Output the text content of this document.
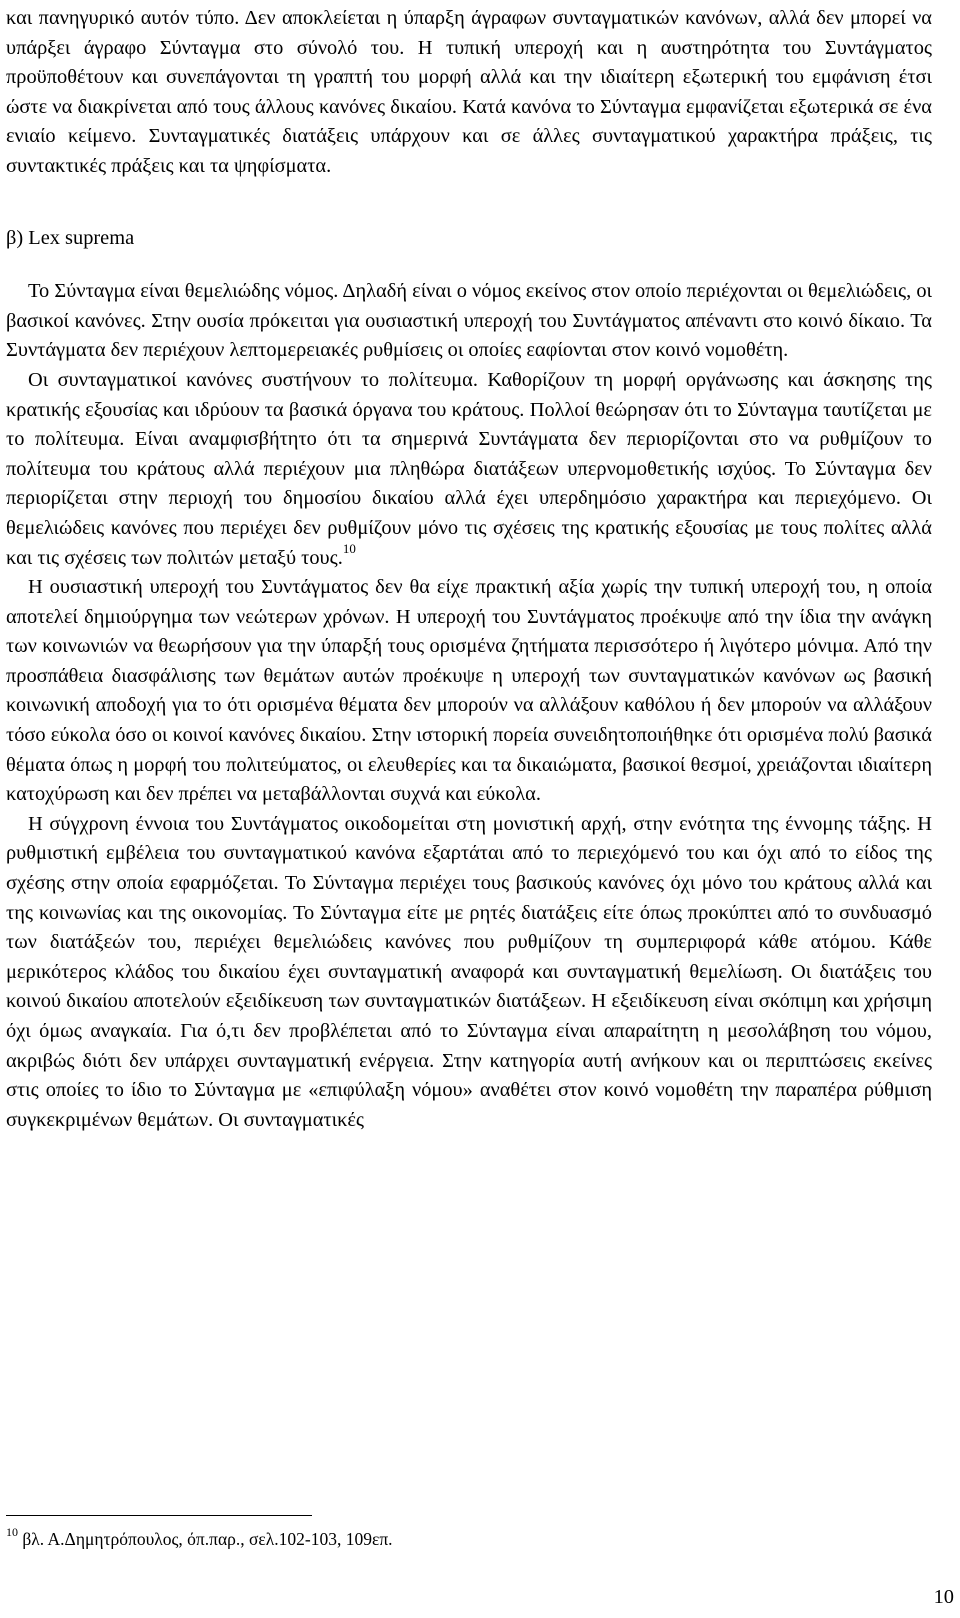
και πανηγυρικό αυτόν τύπο. Δεν αποκλείεται η ύπαρξη άγραφων συνταγματικών κανόνων, αλλά δεν μπορεί να υπάρξει άγραφο Σύνταγμα στο σύνολό του. Η τυπική υπεροχή και η αυστηρότητα του Συντάγματος προϋποθέτουν και συνεπάγονται τη γραπτή του μορφή αλλά και την ιδιαίτερη εξωτερική του εμφάνιση έτσι ώστε να διακρίνεται από τους άλλους κανόνες δικαίου. Κατά κανόνα το Σύνταγμα εμφανίζεται εξωτερικά σε ένα ενιαίο κείμενο. Συνταγματικές διατάξεις υπάρχουν και σε άλλες συνταγματικού χαρακτήρα πράξεις, τις συντακτικές πράξεις και τα ψηφίσματα.

β) Lex suprema

Το Σύνταγμα είναι θεμελιώδης νόμος. Δηλαδή είναι ο νόμος εκείνος στον οποίο περιέχονται οι θεμελιώδεις, οι βασικοί κανόνες. Στην ουσία πρόκειται για ουσιαστική υπεροχή του Συντάγματος απέναντι στο κοινό δίκαιο. Τα Συντάγματα δεν περιέχουν λεπτομερειακές ρυθμίσεις οι οποίες εαφίονται στον κοινό νομοθέτη.

Οι συνταγματικοί κανόνες συστήνουν το πολίτευμα. Καθορίζουν τη μορφή οργάνωσης και άσκησης της κρατικής εξουσίας και ιδρύουν τα βασικά όργανα του κράτους. Πολλοί θεώρησαν ότι το Σύνταγμα ταυτίζεται με το πολίτευμα. Είναι αναμφισβήτητο ότι τα σημερινά Συντάγματα δεν περιορίζονται στο να ρυθμίζουν το πολίτευμα του κράτους αλλά περιέχουν μια πληθώρα διατάξεων υπερνομοθετικής ισχύος. Το Σύνταγμα δεν περιορίζεται στην περιοχή του δημοσίου δικαίου αλλά έχει υπερδημόσιο χαρακτήρα και περιεχόμενο. Οι θεμελιώδεις κανόνες που περιέχει δεν ρυθμίζουν μόνο τις σχέσεις της κρατικής εξουσίας με τους πολίτες αλλά και τις σχέσεις των πολιτών μεταξύ τους.$^{10}$

Η ουσιαστική υπεροχή του Συντάγματος δεν θα είχε πρακτική αξία χωρίς την τυπική υπεροχή του, η οποία αποτελεί δημιούργημα των νεώτερων χρόνων. Η υπεροχή του Συντάγματος προέκυψε από την ίδια την ανάγκη των κοινωνιών να θεωρήσουν για την ύπαρξή τους ορισμένα ζητήματα περισσότερο ή λιγότερο μόνιμα. Από την προσπάθεια διασφάλισης των θεμάτων αυτών προέκυψε η υπεροχή των συνταγματικών κανόνων ως βασική κοινωνική αποδοχή για το ότι ορισμένα θέματα δεν μπορούν να αλλάξουν καθόλου ή δεν μπορούν να αλλάξουν τόσο εύκολα όσο οι κοινοί κανόνες δικαίου. Στην ιστορική πορεία συνειδητοποιήθηκε ότι ορισμένα πολύ βασικά θέματα όπως η μορφή του πολιτεύματος, οι ελευθερίες και τα δικαιώματα, βασικοί θεσμοί, χρειάζονται ιδιαίτερη κατοχύρωση και δεν πρέπει να μεταβάλλονται συχνά και εύκολα.

Η σύγχρονη έννοια του Συντάγματος οικοδομείται στη μονιστική αρχή, στην ενότητα της έννομης τάξης. Η ρυθμιστική εμβέλεια του συνταγματικού κανόνα εξαρτάται από το περιεχόμενό του και όχι από το είδος της σχέσης στην οποία εφαρμόζεται. Το Σύνταγμα περιέχει τους βασικούς κανόνες όχι μόνο του κράτους αλλά και της κοινωνίας και της οικονομίας. Το Σύνταγμα είτε με ρητές διατάξεις είτε όπως προκύπτει από το συνδυασμό των διατάξεών του, περιέχει θεμελιώδεις κανόνες που ρυθμίζουν τη συμπεριφορά κάθε ατόμου. Κάθε μερικότερος κλάδος του δικαίου έχει συνταγματική αναφορά και συνταγματική θεμελίωση. Οι διατάξεις του κοινού δικαίου αποτελούν εξειδίκευση των συνταγματικών διατάξεων. Η εξειδίκευση είναι σκόπιμη και χρήσιμη όχι όμως αναγκαία. Για ό,τι δεν προβλέπεται από το Σύνταγμα είναι απαραίτητη η μεσολάβηση του νόμου, ακριβώς διότι δεν υπάρχει συνταγματική ενέργεια. Στην κατηγορία αυτή ανήκουν και οι περιπτώσεις εκείνες στις οποίες το ίδιο το Σύνταγμα με «επιφύλαξη νόμου» αναθέτει στον κοινό νομοθέτη την παραπέρα ρύθμιση συγκεκριμένων θεμάτων. Οι συνταγματικές

$^{10}$ βλ. Α.Δημητρόπουλος, όπ.παρ., σελ.102-103, 109επ.
10
